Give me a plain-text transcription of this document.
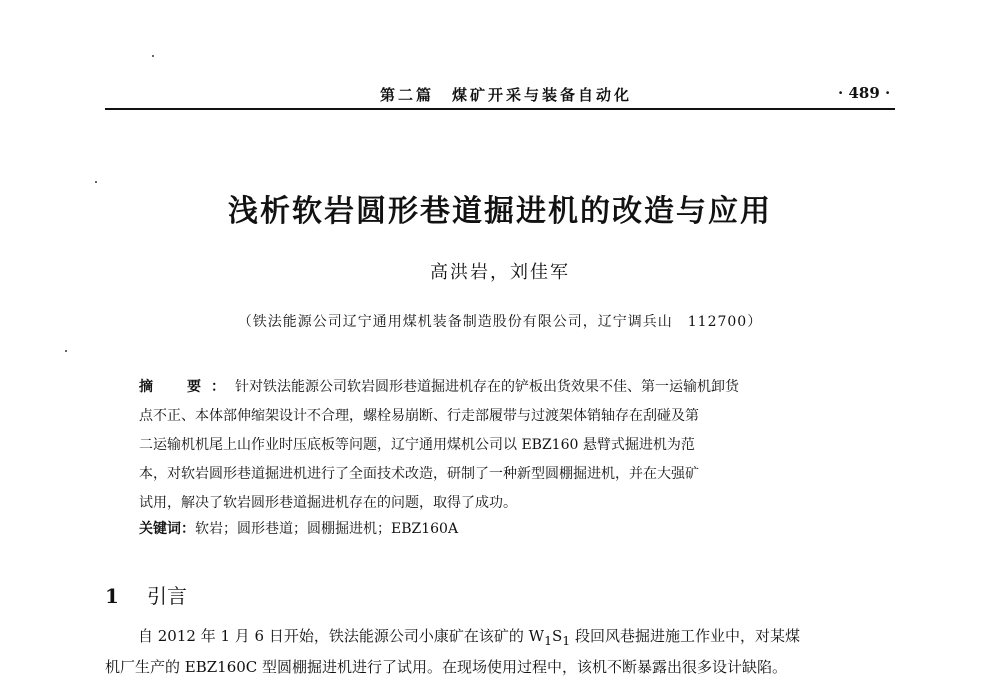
第二篇　煤矿开采与装备自动化	· 489 ·
浅析软岩圆形巷道掘进机的改造与应用
高洪岩，刘佳军
（铁法能源公司辽宁通用煤机装备制造股份有限公司，辽宁调兵山　112700）
摘　要：针对铁法能源公司软岩圆形巷道掘进机存在的铲板出货效果不佳、第一运输机卸货
点不正、本体部伸缩架设计不合理，螺栓易崩断、行走部履带与过渡架体销轴存在刮碰及第
二运输机机尾上山作业时压底板等问题，辽宁通用煤机公司以 EBZ160 悬臂式掘进机为范
本，对软岩圆形巷道掘进机进行了全面技术改造，研制了一种新型圆棚掘进机，并在大强矿
试用，解决了软岩圆形巷道掘进机存在的问题，取得了成功。
关键词：软岩；圆形巷道；圆棚掘进机；EBZ160A
1 引言
自 2012 年 1 月 6 日开始，铁法能源公司小康矿在该矿的 $W_1S_1$ 段回风巷掘进施工作业中，对某煤
机厂生产的 EBZ160C 型圆棚掘进机进行了试用。在现场使用过程中，该机不断暴露出很多设计缺陷。
